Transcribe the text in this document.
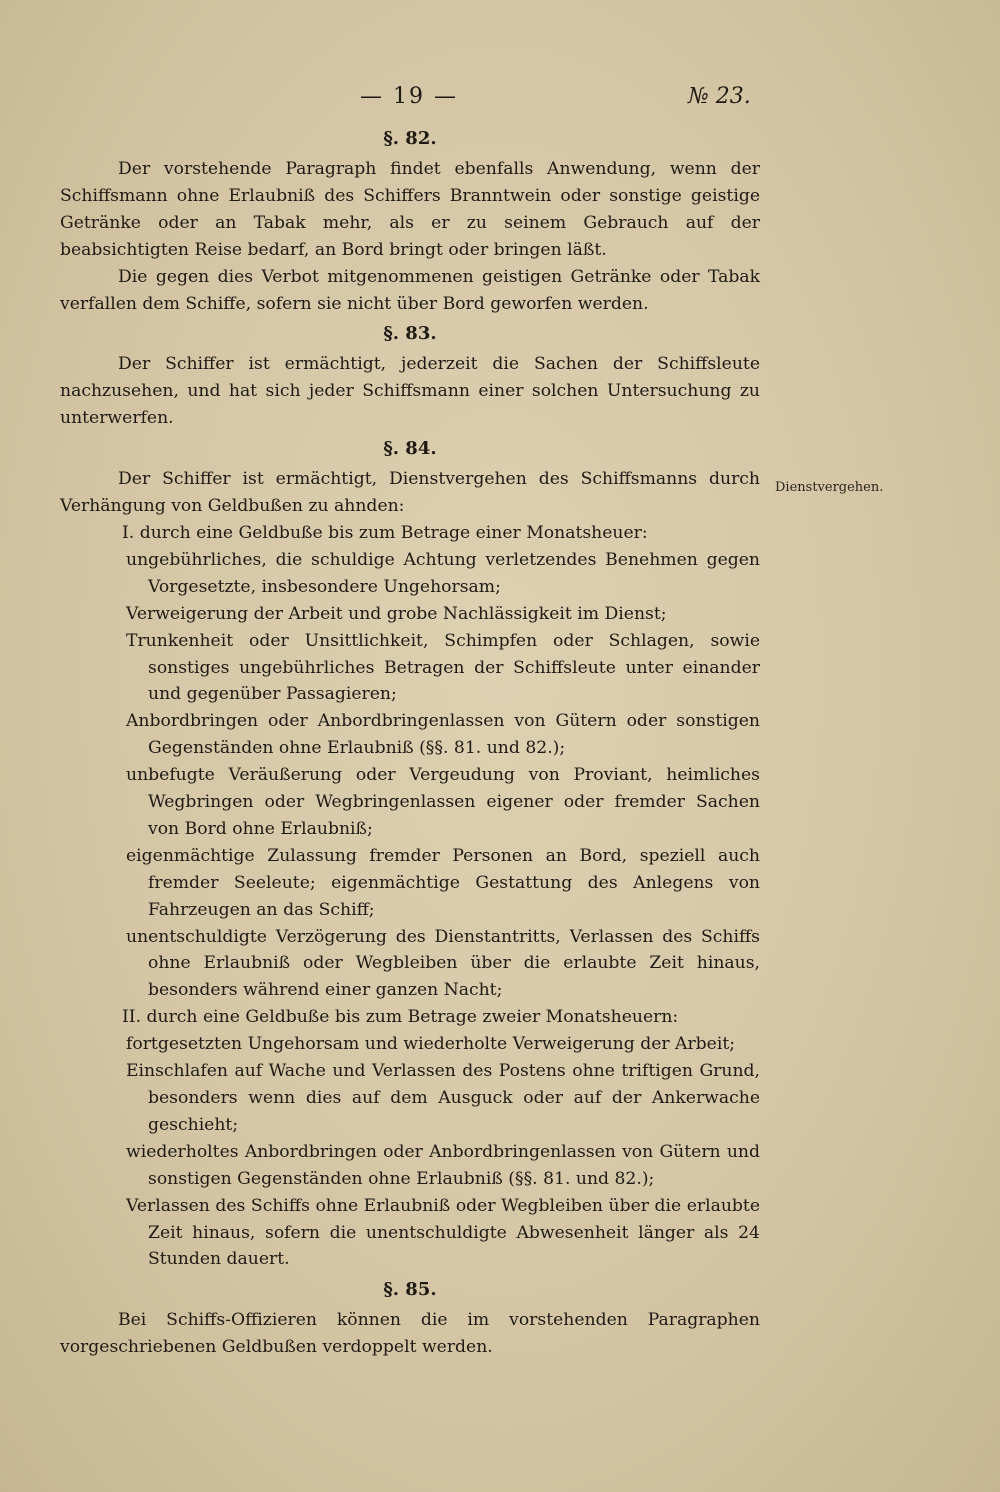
— 19 —	№ 23.
§. 82.

Der vorstehende Paragraph findet ebenfalls Anwendung, wenn der Schiffsmann ohne Erlaubniß des Schiffers Branntwein oder sonstige geistige Getränke oder an Tabak mehr, als er zu seinem Gebrauch auf der beabsichtigten Reise bedarf, an Bord bringt oder bringen läßt.

Die gegen dies Verbot mitgenommenen geistigen Getränke oder Tabak verfallen dem Schiffe, sofern sie nicht über Bord geworfen werden.

§. 83.

Der Schiffer ist ermächtigt, jederzeit die Sachen der Schiffsleute nachzusehen, und hat sich jeder Schiffsmann einer solchen Untersuchung zu unterwerfen.

§. 84.

Der Schiffer ist ermächtigt, Dienstvergehen des Schiffsmanns durch Verhängung von Geldbußen zu ahnden:

I. durch eine Geldbuße bis zum Betrage einer Monatsheuer:

ungebührliches, die schuldige Achtung verletzendes Benehmen gegen Vorgesetzte, insbesondere Ungehorsam;
Verweigerung der Arbeit und grobe Nachlässigkeit im Dienst;
Trunkenheit oder Unsittlichkeit, Schimpfen oder Schlagen, sowie sonstiges ungebührliches Betragen der Schiffsleute unter einander und gegenüber Passagieren;
Anbordbringen oder Anbordbringenlassen von Gütern oder sonstigen Gegenständen ohne Erlaubniß (§§. 81. und 82.);
unbefugte Veräußerung oder Vergeudung von Proviant, heimliches Wegbringen oder Wegbringenlassen eigener oder fremder Sachen von Bord ohne Erlaubniß;
eigenmächtige Zulassung fremder Personen an Bord, speziell auch fremder Seeleute; eigenmächtige Gestattung des Anlegens von Fahrzeugen an das Schiff;
unentschuldigte Verzögerung des Dienstantritts, Verlassen des Schiffs ohne Erlaubniß oder Wegbleiben über die erlaubte Zeit hinaus, besonders während einer ganzen Nacht;

II. durch eine Geldbuße bis zum Betrage zweier Monatsheuern:

fortgesetzten Ungehorsam und wiederholte Verweigerung der Arbeit;
Einschlafen auf Wache und Verlassen des Postens ohne triftigen Grund, besonders wenn dies auf dem Ausguck oder auf der Ankerwache geschieht;
wiederholtes Anbordbringen oder Anbordbringenlassen von Gütern und sonstigen Gegenständen ohne Erlaubniß (§§. 81. und 82.);
Verlassen des Schiffs ohne Erlaubniß oder Wegbleiben über die erlaubte Zeit hinaus, sofern die unentschuldigte Abwesenheit länger als 24 Stunden dauert.
§. 85.

Bei Schiffs-Offizieren können die im vorstehenden Paragraphen vorgeschriebenen Geldbußen verdoppelt werden.

Dienstvergehen.
